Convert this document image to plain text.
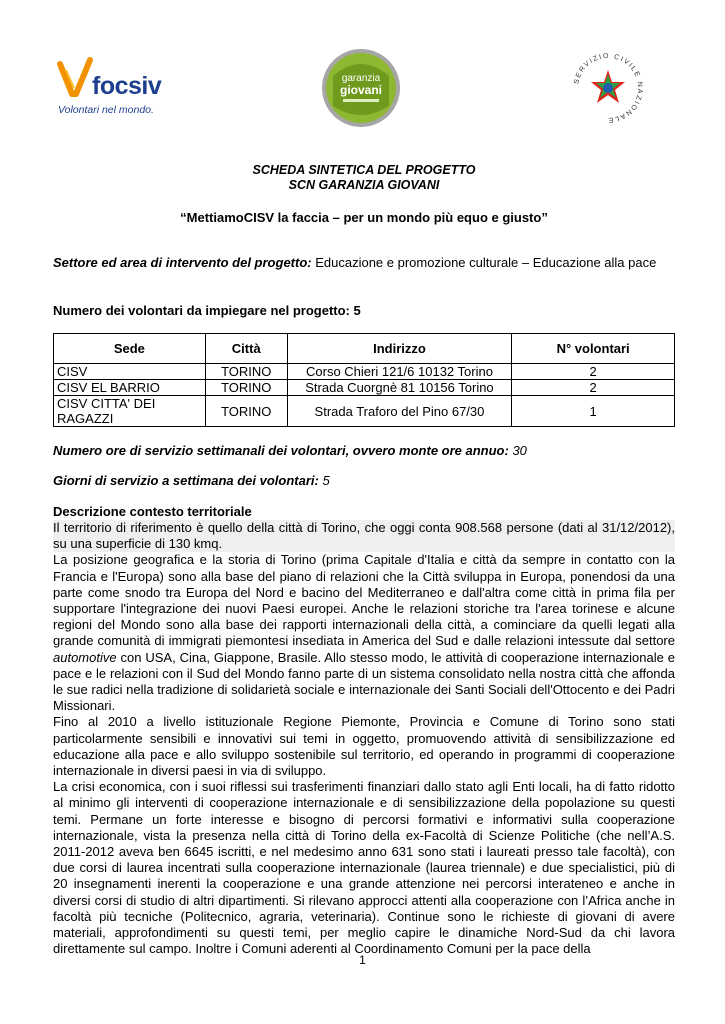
focsiv
Volontari nel mondo.
garanzia
giovani
SERVIZIO CIVILE NAZIONALE
SCHEDA SINTETICA DEL PROGETTO
SCN GARANZIA GIOVANI
“MettiamoCISV la faccia – per un mondo più equo e giusto”
Settore ed area di intervento del progetto: Educazione e promozione culturale – Educazione alla pace
Numero dei volontari da impiegare nel progetto: 5
Sede	Città	Indirizzo	N° volontari
CISV	TORINO	Corso Chieri 121/6 10132 Torino	2
CISV EL BARRIO	TORINO	Strada Cuorgnè 81 10156 Torino	2
CISV CITTA' DEI RAGAZZI	TORINO	Strada Traforo del Pino 67/30	1
Numero ore di servizio settimanali dei volontari, ovvero monte ore annuo: 30
Giorni di servizio a settimana dei volontari: 5
Descrizione contesto territoriale

Il territorio di riferimento è quello della città di Torino, che oggi conta 908.568 persone (dati al 31/12/2012), su una superficie di 130 kmq.

La posizione geografica e la storia di Torino (prima Capitale d'Italia e città da sempre in contatto con la Francia e l'Europa) sono alla base del piano di relazioni che la Città sviluppa in Europa, ponendosi da una parte come snodo tra Europa del Nord e bacino del Mediterraneo e dall'altra come città in prima fila per supportare l'integrazione dei nuovi Paesi europei. Anche le relazioni storiche tra l'area torinese e alcune regioni del Mondo sono alla base dei rapporti internazionali della città, a cominciare da quelli legati alla grande comunità di immigrati piemontesi insediata in America del Sud e dalle relazioni intessute dal settore automotive con USA, Cina, Giappone, Brasile. Allo stesso modo, le attività di cooperazione internazionale e pace e le relazioni con il Sud del Mondo fanno parte di un sistema consolidato nella nostra città che affonda le sue radici nella tradizione di solidarietà sociale e internazionale dei Santi Sociali dell'Ottocento e dei Padri Missionari.

Fino al 2010 a livello istituzionale Regione Piemonte, Provincia e Comune di Torino sono stati particolarmente sensibili e innovativi sui temi in oggetto, promuovendo attività di sensibilizzazione ed educazione alla pace e allo sviluppo sostenibile sul territorio, ed operando in programmi di cooperazione internazionale in diversi paesi in via di sviluppo.

La crisi economica, con i suoi riflessi sui trasferimenti finanziari dallo stato agli Enti locali, ha di fatto ridotto al minimo gli interventi di cooperazione internazionale e di sensibilizzazione della popolazione su questi temi. Permane un forte interesse e bisogno di percorsi formativi e informativi sulla cooperazione internazionale, vista la presenza nella città di Torino della ex-Facoltà di Scienze Politiche (che nell’A.S. 2011-2012 aveva ben 6645 iscritti, e nel medesimo anno 631 sono stati i laureati presso tale facoltà), con due corsi di laurea incentrati sulla cooperazione internazionale (laurea triennale) e due specialistici, più di 20 insegnamenti inerenti la cooperazione e una grande attenzione nei percorsi interateneo e anche in diversi corsi di studio di altri dipartimenti. Si rilevano approcci attenti alla cooperazione con l’Africa anche in facoltà più tecniche (Politecnico, agraria, veterinaria). Continue sono le richieste di giovani di avere materiali, approfondimenti su questi temi, per meglio capire le dinamiche Nord-Sud da chi lavora direttamente sul campo. Inoltre i Comuni aderenti al Coordinamento Comuni per la pace della

1
